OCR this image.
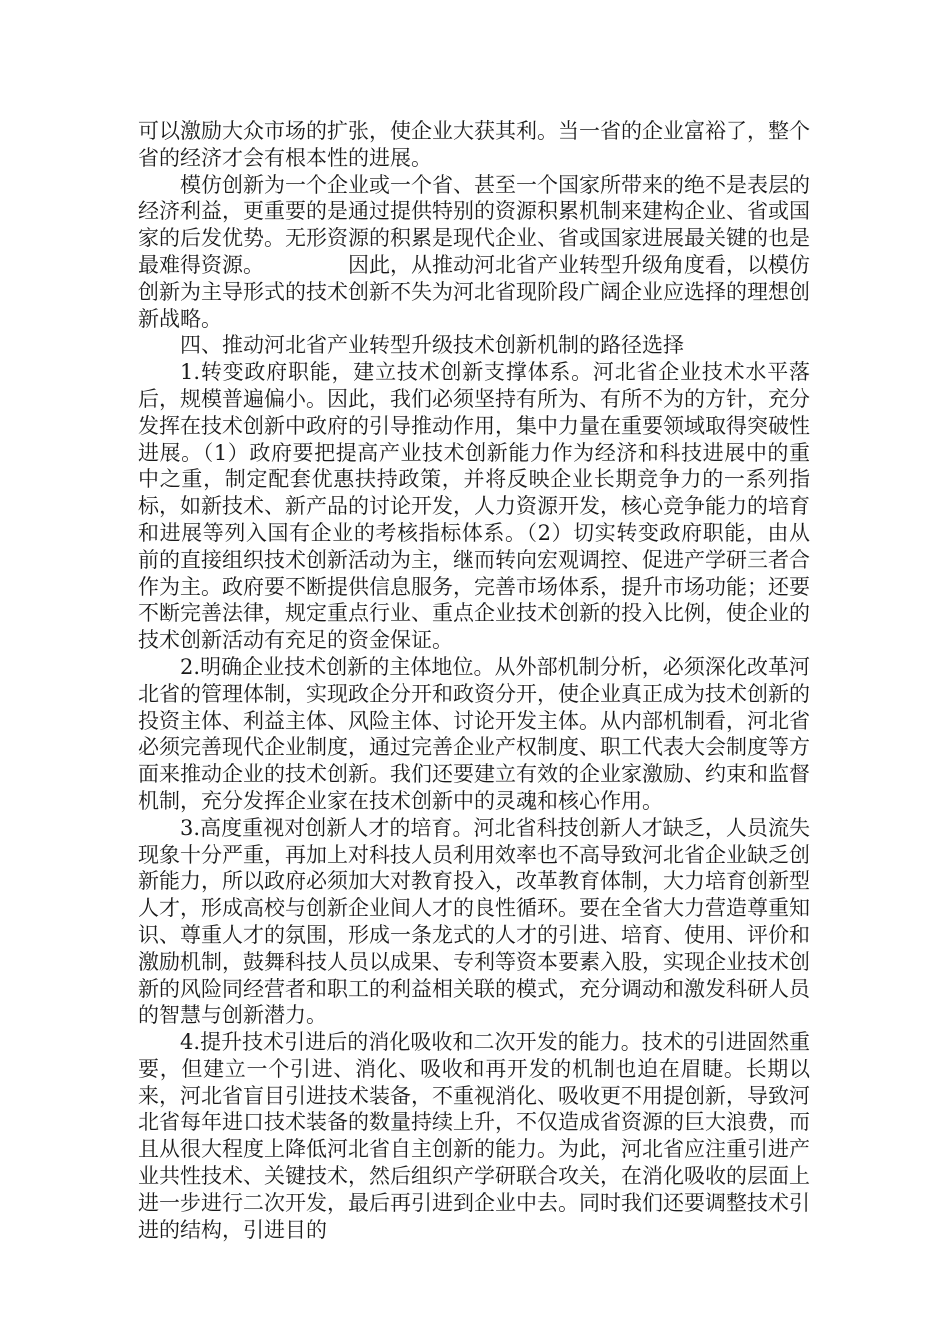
可以激励大众市场的扩张，使企业大获其利。当一省的企业富裕了，整个省的经济才会有根本性的进展。

模仿创新为一个企业或一个省、甚至一个国家所带来的绝不是表层的经济利益，更重要的是通过提供特别的资源积累机制来建构企业、省或国家的后发优势。无形资源的积累是现代企业、省或国家进展最关键的也是最难得资源。	因此，从推动河北省产业转型升级角度看，以模仿创新为主导形式的技术创新不失为河北省现阶段广阔企业应选择的理想创新战略。

四、推动河北省产业转型升级技术创新机制的路径选择

1.转变政府职能，建立技术创新支撑体系。河北省企业技术水平落后，规模普遍偏小。因此，我们必须坚持有所为、有所不为的方针，充分发挥在技术创新中政府的引导推动作用，集中力量在重要领域取得突破性进展。（1）政府要把提高产业技术创新能力作为经济和科技进展中的重中之重，制定配套优惠扶持政策，并将反映企业长期竞争力的一系列指标，如新技术、新产品的讨论开发，人力资源开发，核心竞争能力的培育和进展等列入国有企业的考核指标体系。（2）切实转变政府职能，由从前的直接组织技术创新活动为主，继而转向宏观调控、促进产学研三者合作为主。政府要不断提供信息服务，完善市场体系，提升市场功能；还要不断完善法律，规定重点行业、重点企业技术创新的投入比例，使企业的技术创新活动有充足的资金保证。

2.明确企业技术创新的主体地位。从外部机制分析，必须深化改革河北省的管理体制，实现政企分开和政资分开，使企业真正成为技术创新的投资主体、利益主体、风险主体、讨论开发主体。从内部机制看，河北省必须完善现代企业制度，通过完善企业产权制度、职工代表大会制度等方面来推动企业的技术创新。我们还要建立有效的企业家激励、约束和监督机制，充分发挥企业家在技术创新中的灵魂和核心作用。

3.高度重视对创新人才的培育。河北省科技创新人才缺乏，人员流失现象十分严重，再加上对科技人员利用效率也不高导致河北省企业缺乏创新能力，所以政府必须加大对教育投入，改革教育体制，大力培育创新型人才，形成高校与创新企业间人才的良性循环。要在全省大力营造尊重知识、尊重人才的氛围，形成一条龙式的人才的引进、培育、使用、评价和激励机制，鼓舞科技人员以成果、专利等资本要素入股，实现企业技术创新的风险同经营者和职工的利益相关联的模式，充分调动和激发科研人员的智慧与创新潜力。

4.提升技术引进后的消化吸收和二次开发的能力。技术的引进固然重要，但建立一个引进、消化、吸收和再开发的机制也迫在眉睫。长期以来，河北省盲目引进技术装备，不重视消化、吸收更不用提创新，导致河北省每年进口技术装备的数量持续上升，不仅造成省资源的巨大浪费，而且从很大程度上降低河北省自主创新的能力。为此，河北省应注重引进产业共性技术、关键技术，然后组织产学研联合攻关，在消化吸收的层面上进一步进行二次开发，最后再引进到企业中去。同时我们还要调整技术引进的结构，引进目的
